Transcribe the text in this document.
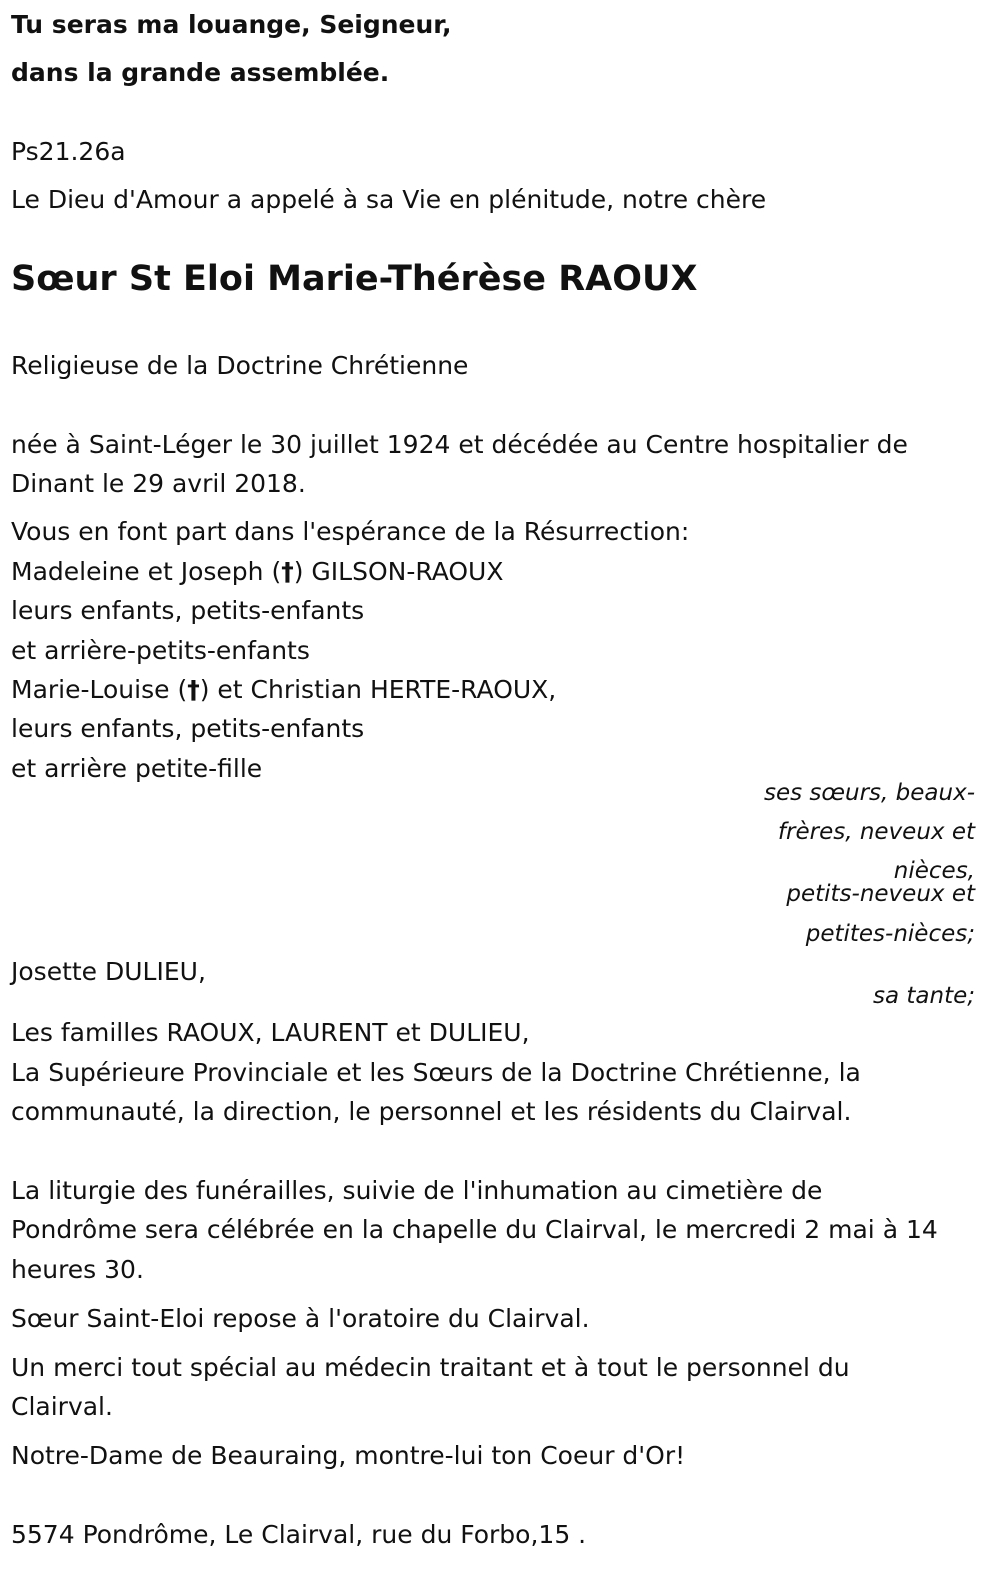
Tu seras ma louange, Seigneur,
dans la grande assemblée.
Ps21.26a
Le Dieu d'Amour a appelé à sa Vie en plénitude, notre chère
Sœur St Eloi Marie-Thérèse RAOUX
Religieuse de la Doctrine Chrétienne
née à Saint-Léger le 30 juillet 1924 et décédée au Centre hospitalier de
Dinant le 29 avril 2018.
Vous en font part dans l'espérance de la Résurrection:
Madeleine et Joseph (†) GILSON-RAOUX
leurs enfants, petits-enfants
et arrière-petits-enfants
Marie-Louise (†) et Christian HERTE-RAOUX,
leurs enfants, petits-enfants
et arrière petite-fille
ses sœurs, beaux-
frères, neveux et
nièces,
petits-neveux et
petites-nièces;
Josette DULIEU,
sa tante;
Les familles RAOUX, LAURENT et DULIEU,
La Supérieure Provinciale et les Sœurs de la Doctrine Chrétienne, la
communauté, la direction, le personnel et les résidents du Clairval.
La liturgie des funérailles, suivie de l'inhumation au cimetière de
Pondrôme sera célébrée en la chapelle du Clairval, le mercredi 2 mai à 14
heures 30.
Sœur Saint-Eloi repose à l'oratoire du Clairval.
Un merci tout spécial au médecin traitant et à tout le personnel du
Clairval.
Notre-Dame de Beauraing, montre-lui ton Coeur d'Or!
5574 Pondrôme, Le Clairval, rue du Forbo,15 .
